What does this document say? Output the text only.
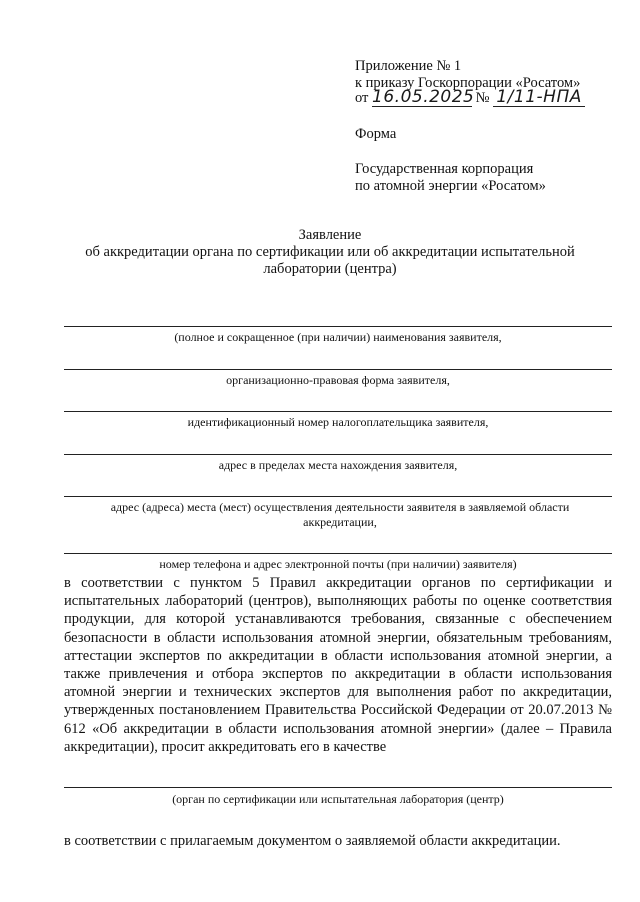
Приложение № 1
к приказу Госкорпорации «Росатом»
от 16.05.2025 № 1/11-НПА
Форма
Государственная корпорация
по атомной энергии «Росатом»
Заявление
об аккредитации органа по сертификации или об аккредитации испытательной
лаборатории (центра)
(полное и сокращенное (при наличии) наименования заявителя,
организационно-правовая форма заявителя,
идентификационный номер налогоплательщика заявителя,
адрес в пределах места нахождения заявителя,
адрес (адреса) места (мест) осуществления деятельности заявителя в заявляемой области аккредитации,
номер телефона и адрес электронной почты (при наличии) заявителя)
в соответствии с пунктом 5 Правил аккредитации органов по сертификации и испытательных лабораторий (центров), выполняющих работы по оценке соответствия продукции, для которой устанавливаются требования, связанные с обеспечением безопасности в области использования атомной энергии, обязательным требованиям, аттестации экспертов по аккредитации в области использования атомной энергии, а также привлечения и отбора экспертов по аккредитации в области использования атомной энергии и технических экспертов для выполнения работ по аккредитации, утвержденных постановлением Правительства Российской Федерации от 20.07.2013 № 612 «Об аккредитации в области использования атомной энергии» (далее – Правила аккредитации), просит аккредитовать его в качестве
(орган по сертификации или испытательная лаборатория (центр)
в соответствии с прилагаемым документом о заявляемой области аккредитации.
